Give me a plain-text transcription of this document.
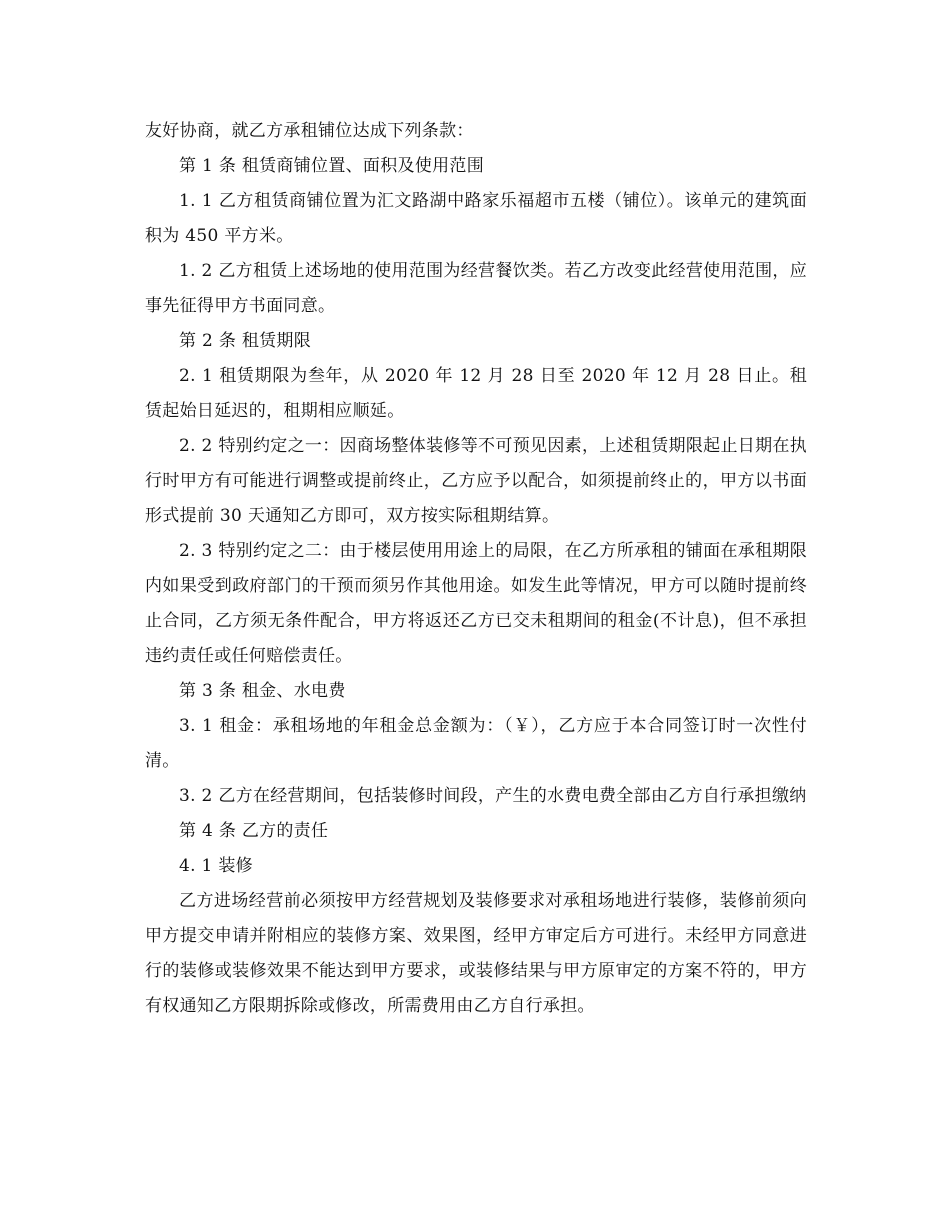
友好协商，就乙方承租铺位达成下列条款：

第 1 条 租赁商铺位置、面积及使用范围

1. 1 乙方租赁商铺位置为汇文路湖中路家乐福超市五楼（铺位）。该单元的建筑面积为 450 平方米。

1. 2 乙方租赁上述场地的使用范围为经营餐饮类。若乙方改变此经营使用范围，应事先征得甲方书面同意。

第 2 条 租赁期限

2. 1 租赁期限为叁年，从 2020 年 12 月 28 日至 2020 年 12 月 28 日止。租赁起始日延迟的，租期相应顺延。

2. 2 特别约定之一：因商场整体装修等不可预见因素，上述租赁期限起止日期在执行时甲方有可能进行调整或提前终止，乙方应予以配合，如须提前终止的，甲方以书面形式提前 30 天通知乙方即可，双方按实际租期结算。

2. 3 特别约定之二：由于楼层使用用途上的局限，在乙方所承租的铺面在承租期限内如果受到政府部门的干预而须另作其他用途。如发生此等情况，甲方可以随时提前终止合同，乙方须无条件配合，甲方将返还乙方已交未租期间的租金(不计息)，但不承担违约责任或任何赔偿责任。

第 3 条 租金、水电费

3. 1 租金：承租场地的年租金总金额为：（￥），乙方应于本合同签订时一次性付清。

3. 2 乙方在经营期间，包括装修时间段，产生的水费电费全部由乙方自行承担缴纳

第 4 条 乙方的责任

4. 1 装修

乙方进场经营前必须按甲方经营规划及装修要求对承租场地进行装修，装修前须向甲方提交申请并附相应的装修方案、效果图，经甲方审定后方可进行。未经甲方同意进行的装修或装修效果不能达到甲方要求，或装修结果与甲方原审定的方案不符的，甲方有权通知乙方限期拆除或修改，所需费用由乙方自行承担。
